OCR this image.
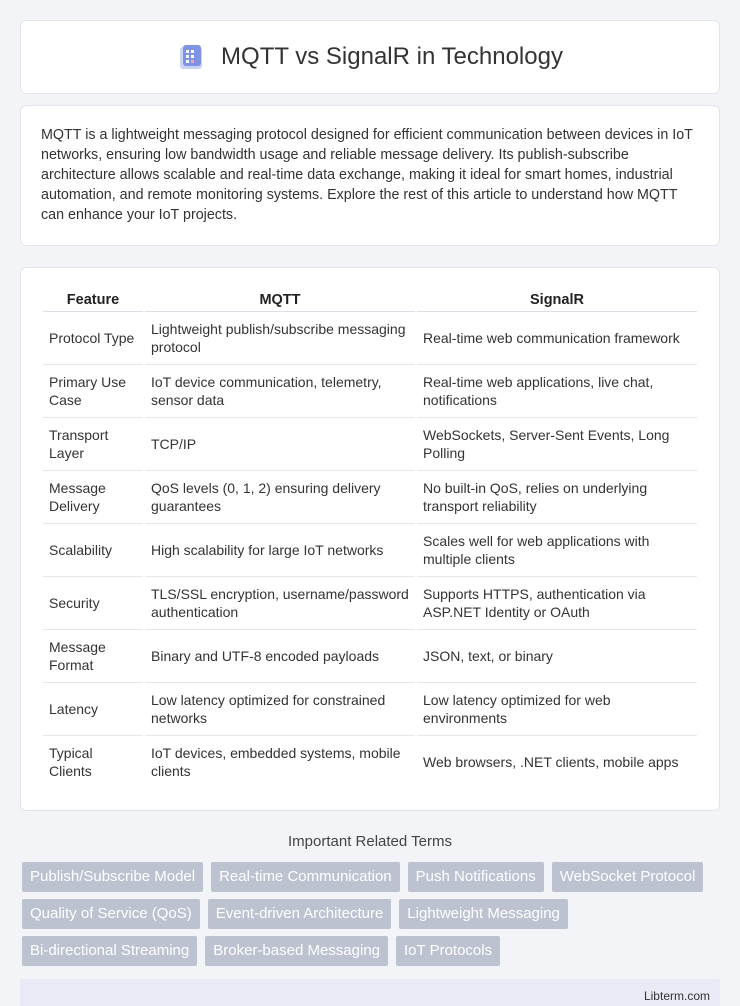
MQTT vs SignalR in Technology

MQTT is a lightweight messaging protocol designed for efficient communication between devices in IoT networks, ensuring low bandwidth usage and reliable message delivery. Its publish-subscribe architecture allows scalable and real-time data exchange, making it ideal for smart homes, industrial automation, and remote monitoring systems. Explore the rest of this article to understand how MQTT can enhance your IoT projects.

Feature	MQTT	SignalR
Protocol Type	Lightweight publish/subscribe messaging protocol	Real-time web communication framework
Primary Use Case	IoT device communication, telemetry, sensor data	Real-time web applications, live chat, notifications
Transport Layer	TCP/IP	WebSockets, Server-Sent Events, Long Polling
Message Delivery	QoS levels (0, 1, 2) ensuring delivery guarantees	No built-in QoS, relies on underlying transport reliability
Scalability	High scalability for large IoT networks	Scales well for web applications with multiple clients
Security	TLS/SSL encryption, username/password authentication	Supports HTTPS, authentication via ASP.NET Identity or OAuth
Message Format	Binary and UTF-8 encoded payloads	JSON, text, or binary
Latency	Low latency optimized for constrained networks	Low latency optimized for web environments
Typical Clients	IoT devices, embedded systems, mobile clients	Web browsers, .NET clients, mobile apps
Important Related Terms
Publish/Subscribe Model	Real-time Communication	Push Notifications	WebSocket Protocol
Quality of Service (QoS)	Event-driven Architecture	Lightweight Messaging
Bi-directional Streaming	Broker-based Messaging	IoT Protocols
Libterm.com
